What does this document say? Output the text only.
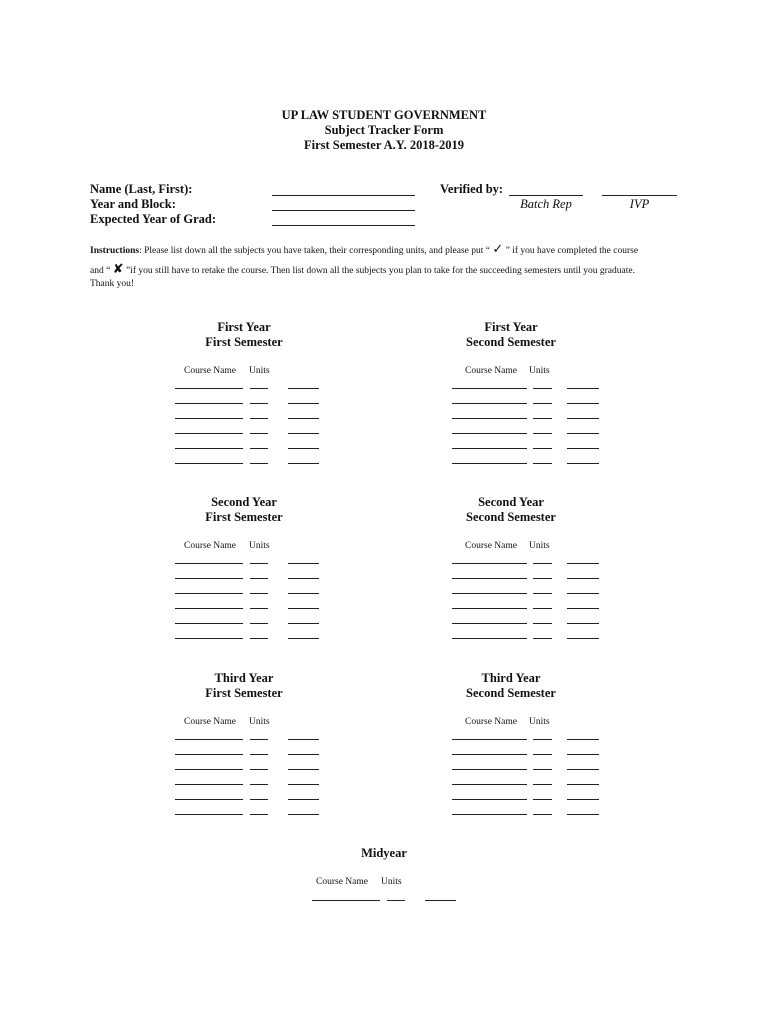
UP LAW STUDENT GOVERNMENT
Subject Tracker Form
First Semester A.Y. 2018-2019
Name (Last, First):
Year and Block:
Expected Year of Grad:
Verified by:
Batch Rep	IVP
Instructions: Please list down all the subjects you have taken, their corresponding units, and please put “ ✓ ” if you have completed the course
and “ ✘ ”if you still have to retake the course. Then list down all the subjects you plan to take for the succeeding semesters until you graduate.
Thank you!
First Year
First Semester
Course Name Units
First Year
Second Semester
Course Name Units
Second Year
First Semester
Course Name Units
Second Year
Second Semester
Course Name Units
Third Year
First Semester
Course Name Units
Third Year
Second Semester
Course Name Units
Midyear
Course Name Units
